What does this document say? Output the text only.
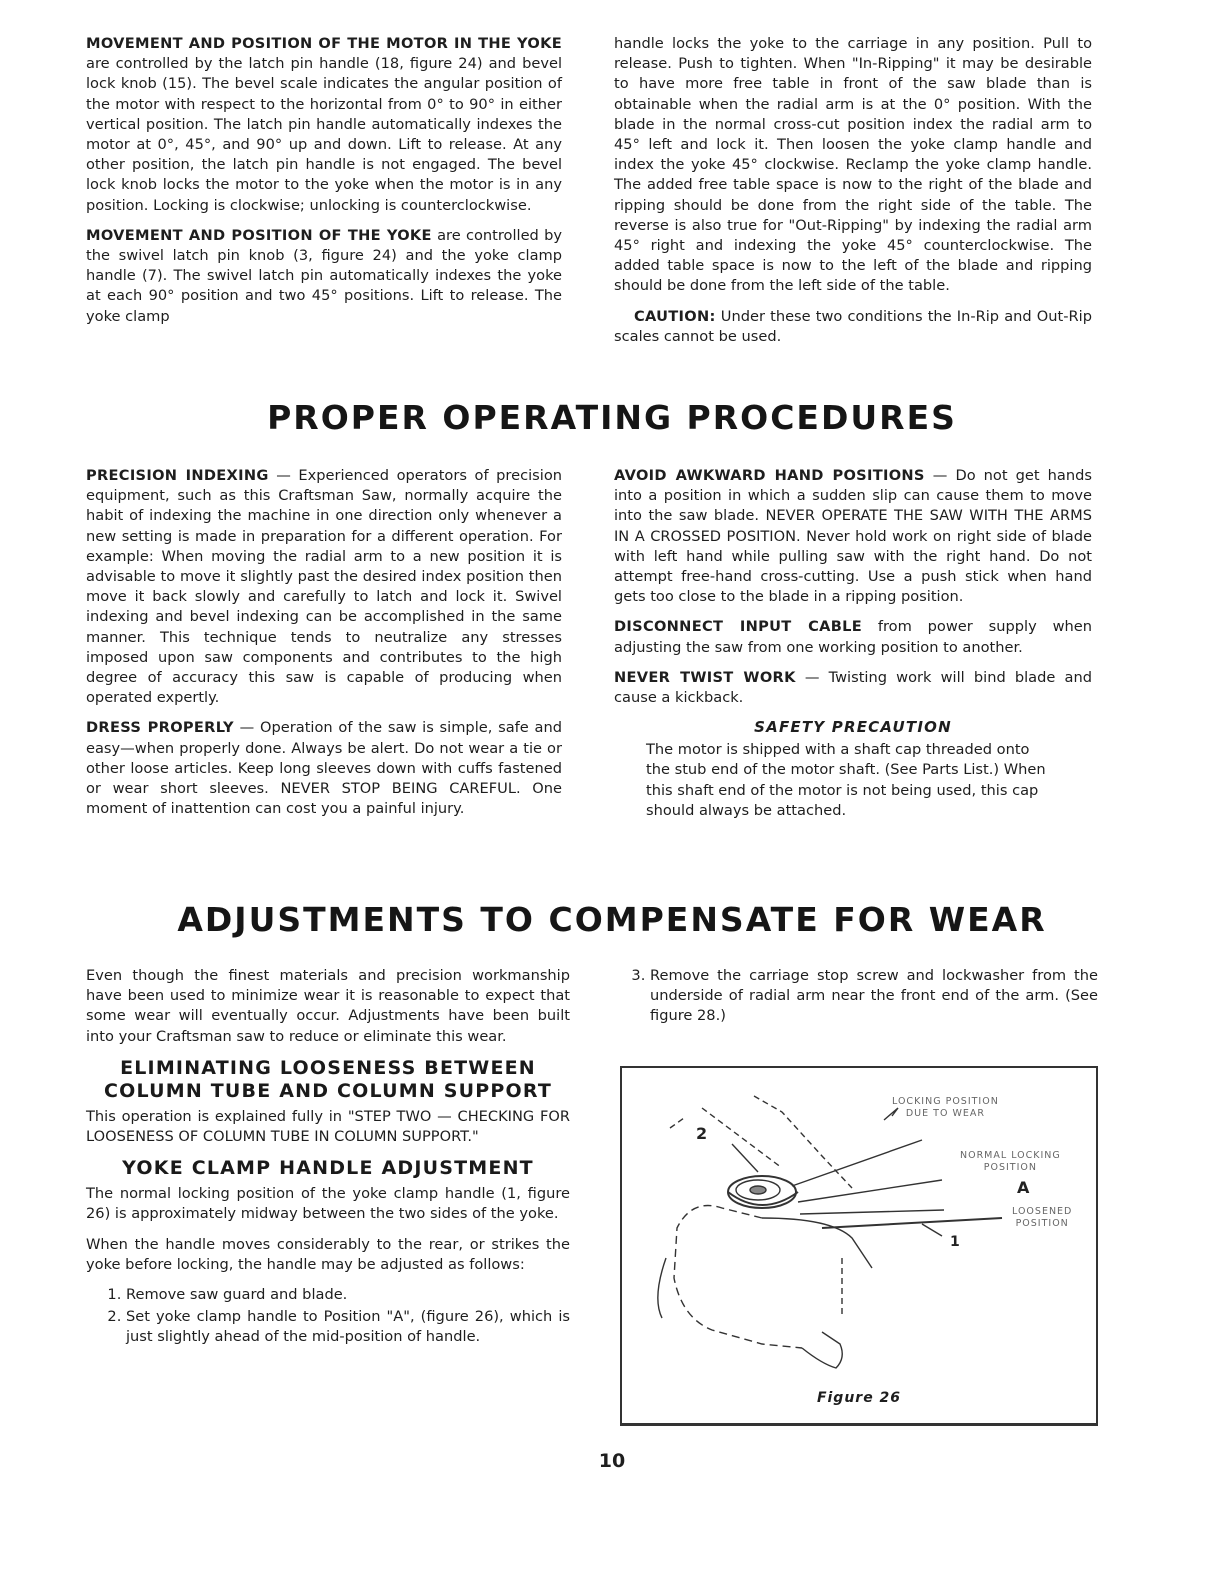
MOVEMENT AND POSITION OF THE MOTOR IN THE YOKE are controlled by the latch pin handle (18, figure 24) and bevel lock knob (15). The bevel scale indicates the angular position of the motor with respect to the horizontal from 0° to 90° in either vertical position. The latch pin handle automatically indexes the motor at 0°, 45°, and 90° up and down. Lift to release. At any other position, the latch pin handle is not engaged. The bevel lock knob locks the motor to the yoke when the motor is in any position. Locking is clockwise; unlocking is counterclockwise.

MOVEMENT AND POSITION OF THE YOKE are controlled by the swivel latch pin knob (3, figure 24) and the yoke clamp handle (7). The swivel latch pin automatically indexes the yoke at each 90° position and two 45° positions. Lift to release. The yoke clamp

handle locks the yoke to the carriage in any position. Pull to release. Push to tighten. When "In-Ripping" it may be desirable to have more free table in front of the saw blade than is obtainable when the radial arm is at the 0° position. With the blade in the normal cross-cut position index the radial arm to 45° left and lock it. Then loosen the yoke clamp handle and index the yoke 45° clockwise. Reclamp the yoke clamp handle. The added free table space is now to the right of the blade and ripping should be done from the right side of the table. The reverse is also true for "Out-Ripping" by indexing the radial arm 45° right and indexing the yoke 45° counterclockwise. The added table space is now to the left of the blade and ripping should be done from the left side of the table.

CAUTION: Under these two conditions the In-Rip and Out-Rip scales cannot be used.

PROPER OPERATING PROCEDURES

PRECISION INDEXING — Experienced operators of precision equipment, such as this Craftsman Saw, normally acquire the habit of indexing the machine in one direction only whenever a new setting is made in preparation for a different operation. For example: When moving the radial arm to a new position it is advisable to move it slightly past the desired index position then move it back slowly and carefully to latch and lock it. Swivel indexing and bevel indexing can be accomplished in the same manner. This technique tends to neutralize any stresses imposed upon saw components and contributes to the high degree of accuracy this saw is capable of producing when operated expertly.

DRESS PROPERLY — Operation of the saw is simple, safe and easy—when properly done. Always be alert. Do not wear a tie or other loose articles. Keep long sleeves down with cuffs fastened or wear short sleeves. NEVER STOP BEING CAREFUL. One moment of inattention can cost you a painful injury.

AVOID AWKWARD HAND POSITIONS — Do not get hands into a position in which a sudden slip can cause them to move into the saw blade. NEVER OPERATE THE SAW WITH THE ARMS IN A CROSSED POSITION. Never hold work on right side of blade with left hand while pulling saw with the right hand. Do not attempt free-hand cross-cutting. Use a push stick when hand gets too close to the blade in a ripping position.

DISCONNECT INPUT CABLE from power supply when adjusting the saw from one working position to another.

NEVER TWIST WORK — Twisting work will bind blade and cause a kickback.

SAFETY PRECAUTION

The motor is shipped with a shaft cap threaded onto the stub end of the motor shaft. (See Parts List.) When this shaft end of the motor is not being used, this cap should always be attached.

ADJUSTMENTS TO COMPENSATE FOR WEAR

Even though the finest materials and precision workmanship have been used to minimize wear it is reasonable to expect that some wear will eventually occur. Adjustments have been built into your Craftsman saw to reduce or eliminate this wear.

ELIMINATING LOOSENESS BETWEEN COLUMN TUBE AND COLUMN SUPPORT

This operation is explained fully in "STEP TWO — CHECKING FOR LOOSENESS OF COLUMN TUBE IN COLUMN SUPPORT."

YOKE CLAMP HANDLE ADJUSTMENT

The normal locking position of the yoke clamp handle (1, figure 26) is approximately midway between the two sides of the yoke.

When the handle moves considerably to the rear, or strikes the yoke before locking, the handle may be adjusted as follows:

1. Remove saw guard and blade.
2. Set yoke clamp handle to Position "A", (figure 26), which is just slightly ahead of the mid-position of handle.
3. Remove the carriage stop screw and lockwasher from the underside of radial arm near the front end of the arm. (See figure 28.)
LOCKING POSITION
DUE TO WEAR
NORMAL LOCKING
POSITION
A
LOOSENED
POSITION
2
1
Figure 26
10
